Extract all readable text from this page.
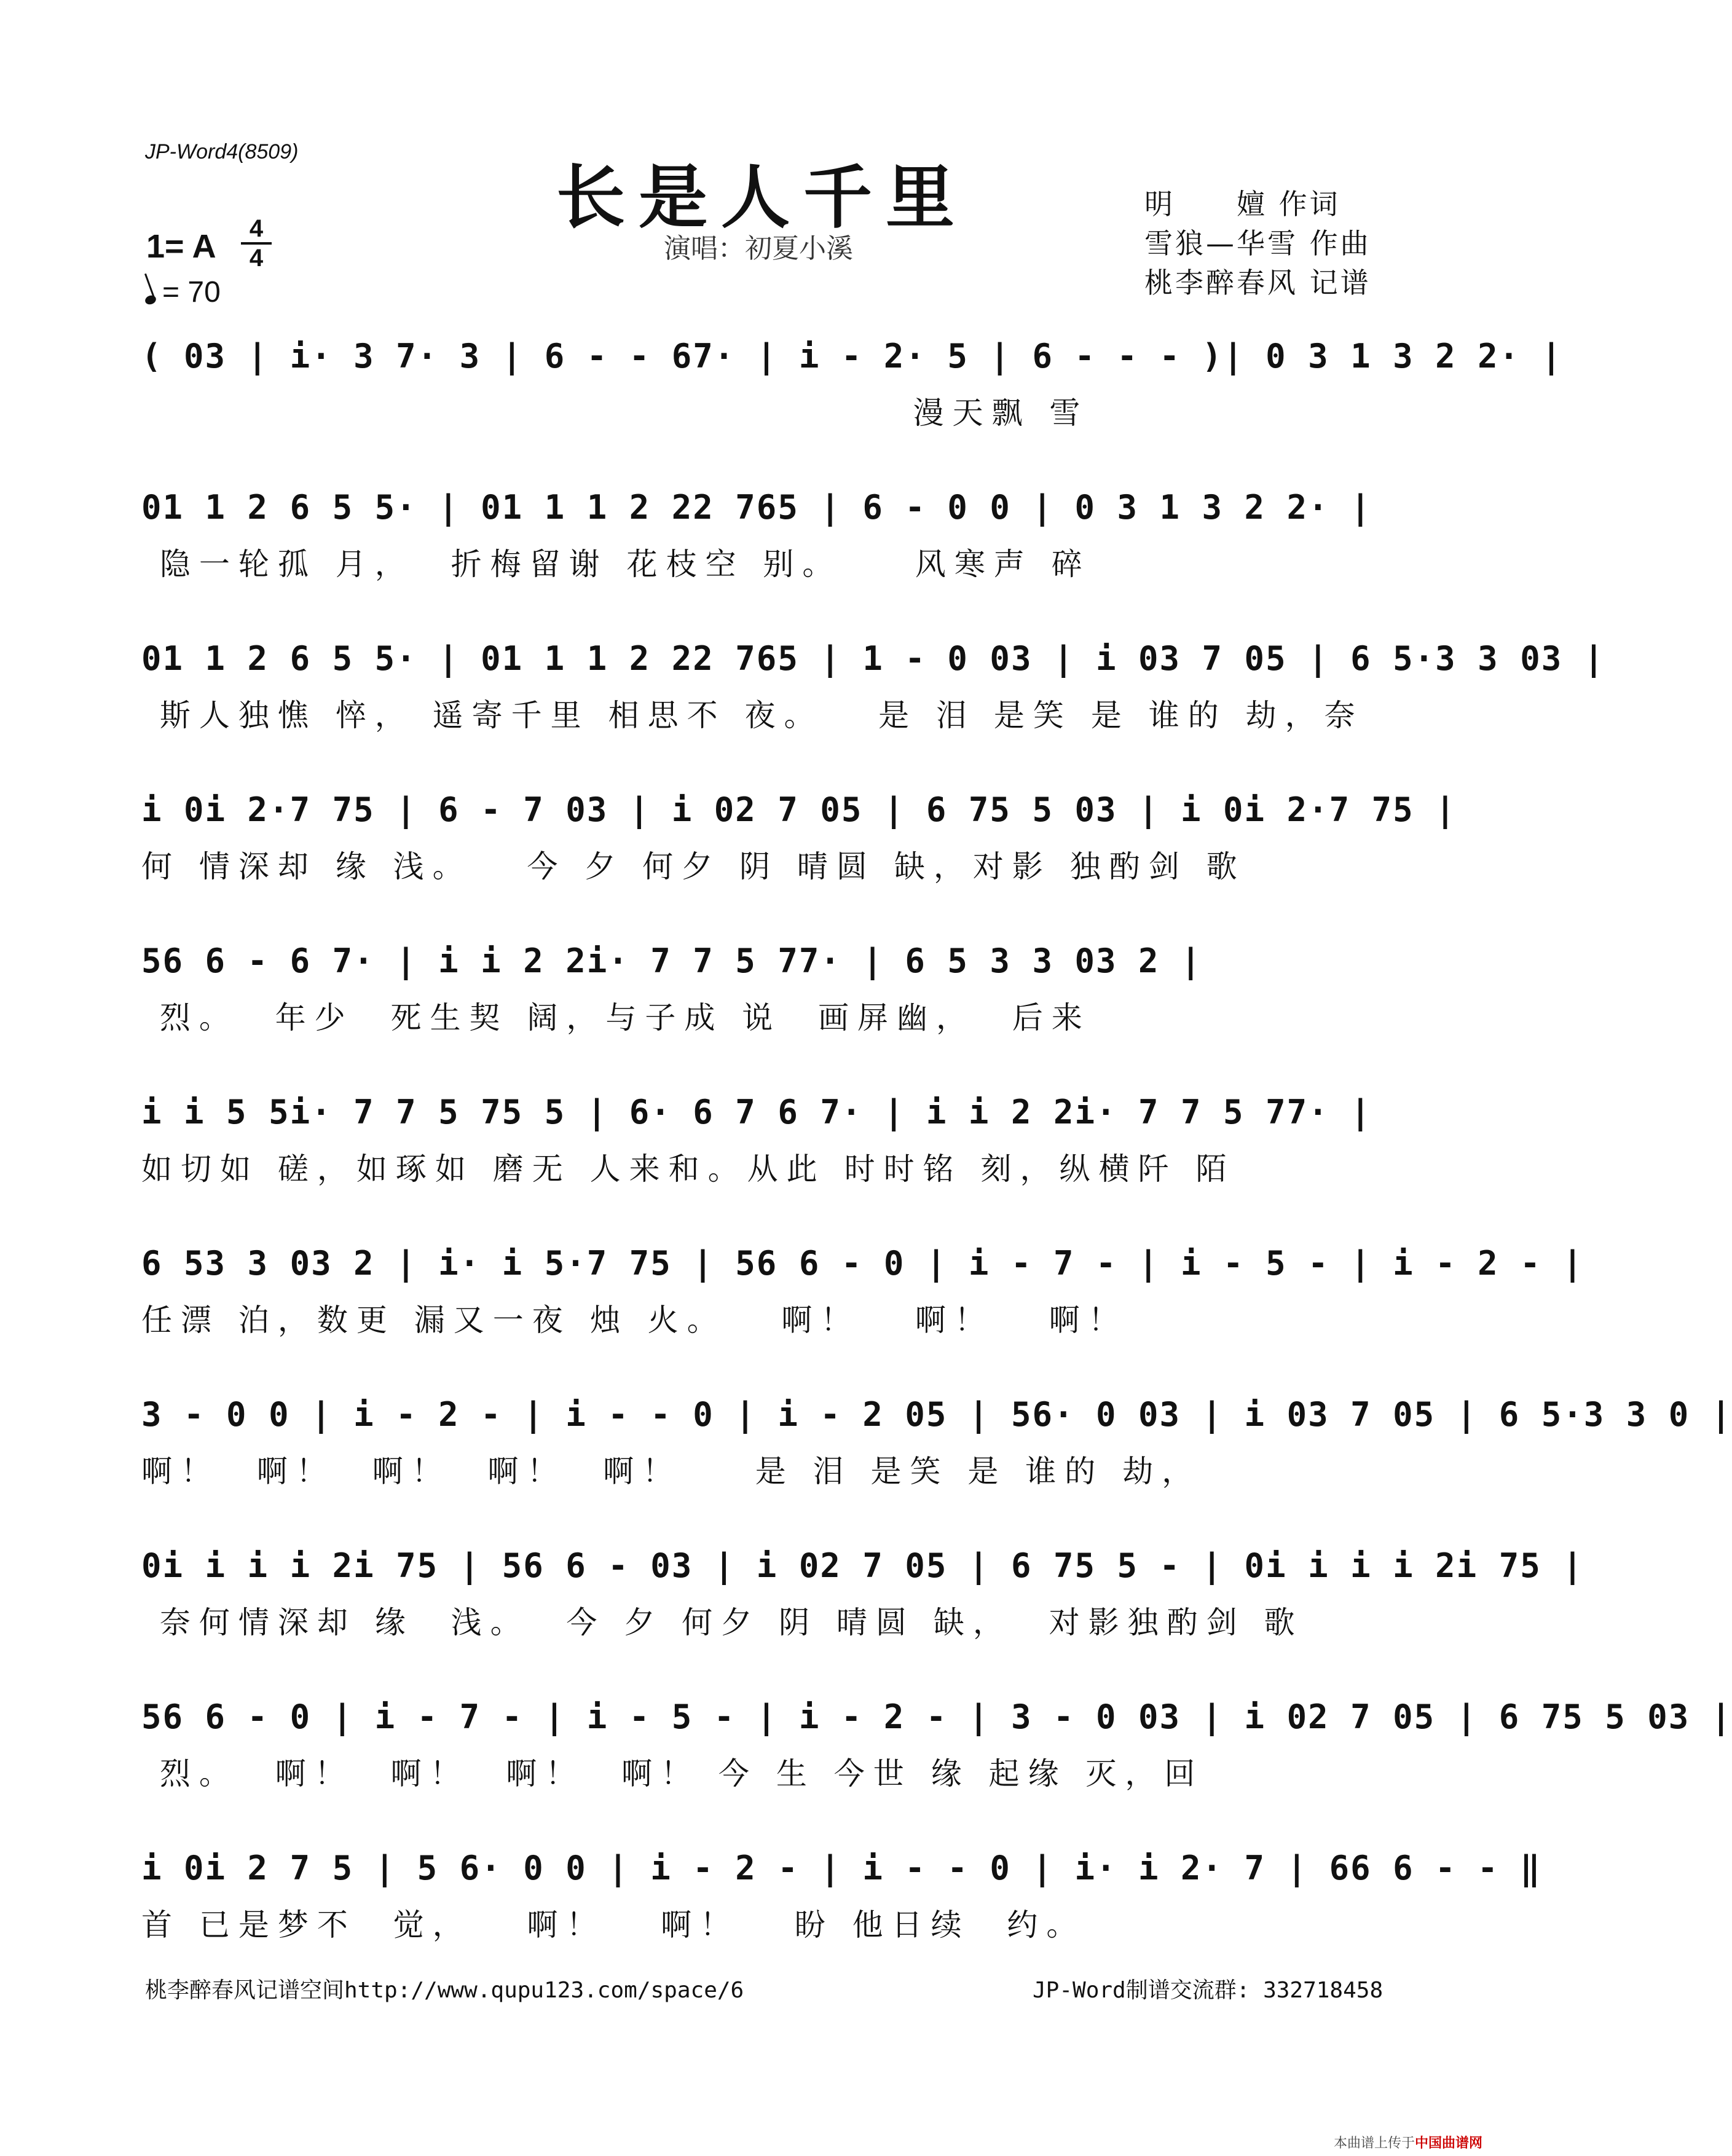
JP-Word4(8509)
长是人千里
演唱：初夏小溪
明　　嬗 作词
雪狼—华雪 作曲
桃李醉春风 记谱
1= A	4
4
= 70
( 03 | i· 3 7· 3 | 6 - - 67· | i - 2· 5 | 6 - - - )| 0 3 1 3 2 2· |
漫天飘 雪
01 1 2 6 5 5· | 01 1 1 2 22 765 | 6 - 0 0 | 0 3 1 3 2 2· |
隐一轮孤 月，  折梅留谢 花枝空 别。    风寒声 碎
01 1 2 6 5 5· | 01 1 1 2 22 765 | 1 - 0 03 | i 03 7 05 | 6 5·3 3 03 |
斯人独憔 悴， 遥寄千里 相思不 夜。   是 泪 是笑 是 谁的 劫，奈
i 0i 2·7 75 | 6 - 7 03 | i 02 7 05 | 6 75 5 03 | i 0i 2·7 75 |
何 情深却 缘 浅。   今 夕 何夕 阴 晴圆 缺，对影 独酌剑 歌
56 6 - 6 7· | i i 2 2i· 7 7 5 77· | 6 5 3 3 03 2 |
烈。  年少  死生契 阔，与子成 说  画屏幽，  后来
i i 5 5i· 7 7 5 75 5 | 6· 6 7 6 7· | i i 2 2i· 7 7 5 77· |
如切如 磋，如琢如 磨无 人来和。从此 时时铭 刻，纵横阡 陌
6 53 3 03 2 | i· i 5·7 75 | 56 6 - 0 | i - 7 - | i - 5 - | i - 2 - |
任漂 泊，数更 漏又一夜 烛 火。   啊！   啊！   啊！
3 - 0 0 | i - 2 - | i - - 0 | i - 2 05 | 56· 0 03 | i 03 7 05 | 6 5·3 3 0 |
啊！  啊！  啊！  啊！  啊！    是 泪 是笑 是 谁的 劫，
0i i i i 2i 75 | 56 6 - 03 | i 02 7 05 | 6 75 5 - | 0i i i i 2i 75 |
奈何情深却 缘  浅。  今 夕 何夕 阴 晴圆 缺，  对影独酌剑 歌
56 6 - 0 | i - 7 - | i - 5 - | i - 2 - | 3 - 0 03 | i 02 7 05 | 6 75 5 03 |
烈。  啊！  啊！  啊！  啊！ 今 生 今世 缘 起缘 灭，回
i 0i 2 7 5 | 5 6· 0 0 | i - 2 - | i - - 0 | i· i 2· 7 | 66 6 - - ‖
首 已是梦不  觉，   啊！   啊！   盼 他日续  约。
桃李醉春风记谱空间http://www.qupu123.com/space/6	JP-Word制谱交流群: 332718458
本曲谱上传于中国曲谱网
